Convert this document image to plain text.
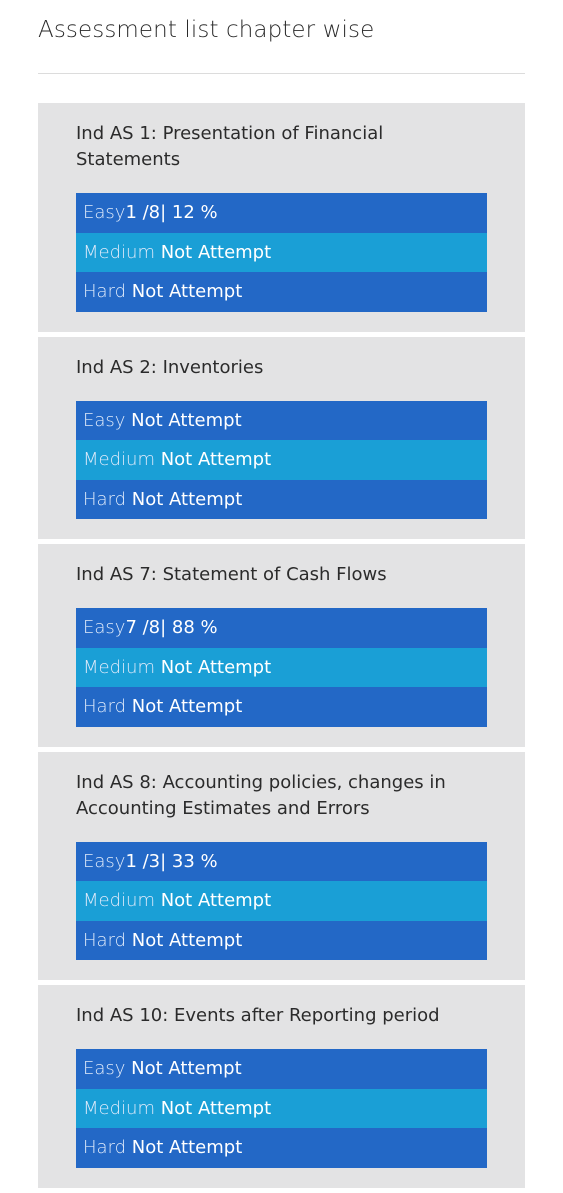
Assessment list chapter wise
Ind AS 1: Presentation of Financial Statements
Easy1 /8| 12 %
Medium Not Attempt
Hard Not Attempt
Ind AS 2: Inventories
Easy Not Attempt
Medium Not Attempt
Hard Not Attempt
Ind AS 7: Statement of Cash Flows
Easy7 /8| 88 %
Medium Not Attempt
Hard Not Attempt
Ind AS 8: Accounting policies, changes in Accounting Estimates and Errors
Easy1 /3| 33 %
Medium Not Attempt
Hard Not Attempt
Ind AS 10: Events after Reporting period
Easy Not Attempt
Medium Not Attempt
Hard Not Attempt
